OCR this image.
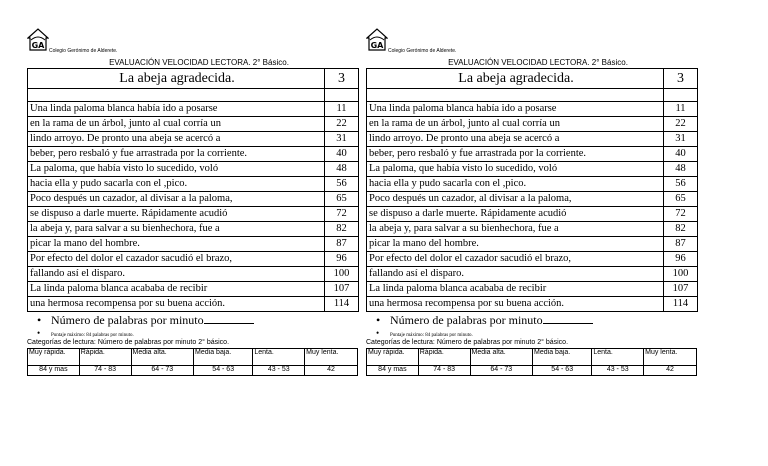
GA
Colegio Gerónimo de Alderete.
EVALUACIÓN VELOCIDAD LECTORA. 2° Básico.
La abeja agradecida.	3

Una linda paloma blanca había ido a posarse	11
en la rama de un árbol, junto al cual corría un	22
lindo arroyo. De pronto una abeja se acercó a	31
beber, pero resbaló y fue arrastrada por la corriente.	40
La paloma, que había visto lo sucedido, voló	48
hacia ella y pudo sacarla con el ,pico.	56
Poco después un cazador, al divisar a la paloma,	65
se dispuso a darle muerte. Rápidamente acudió	72
la abeja y, para salvar a su bienhechora, fue a	82
picar la mano del hombre.	87
Por efecto del dolor el cazador sacudió el brazo,	96
fallando así el disparo.	100
La linda paloma blanca acababa de recibir	107
una hermosa recompensa por su buena acción.	114
• Número de palabras por minuto
• Puntaje máximo: 84 palabras por minuto.
Categorías de lectura: Número de palabras por minuto 2° básico.
Muy rápida.	Rápida.	Media alta.	Media baja.	Lenta.	Muy lenta.
84 y mas	74 - 83	64 - 73	54 - 63	43 - 53	42
GA
Colegio Gerónimo de Alderete.
EVALUACIÓN VELOCIDAD LECTORA. 2° Básico.
La abeja agradecida.	3

Una linda paloma blanca había ido a posarse	11
en la rama de un árbol, junto al cual corría un	22
lindo arroyo. De pronto una abeja se acercó a	31
beber, pero resbaló y fue arrastrada por la corriente.	40
La paloma, que había visto lo sucedido, voló	48
hacia ella y pudo sacarla con el ,pico.	56
Poco después un cazador, al divisar a la paloma,	65
se dispuso a darle muerte. Rápidamente acudió	72
la abeja y, para salvar a su bienhechora, fue a	82
picar la mano del hombre.	87
Por efecto del dolor el cazador sacudió el brazo,	96
fallando así el disparo.	100
La linda paloma blanca acababa de recibir	107
una hermosa recompensa por su buena acción.	114
• Número de palabras por minuto
• Puntaje máximo: 84 palabras por minuto.
Categorías de lectura: Número de palabras por minuto 2° básico.
Muy rápida.	Rápida.	Media alta.	Media baja.	Lenta.	Muy lenta.
84 y mas	74 - 83	64 - 73	54 - 63	43 - 53	42
